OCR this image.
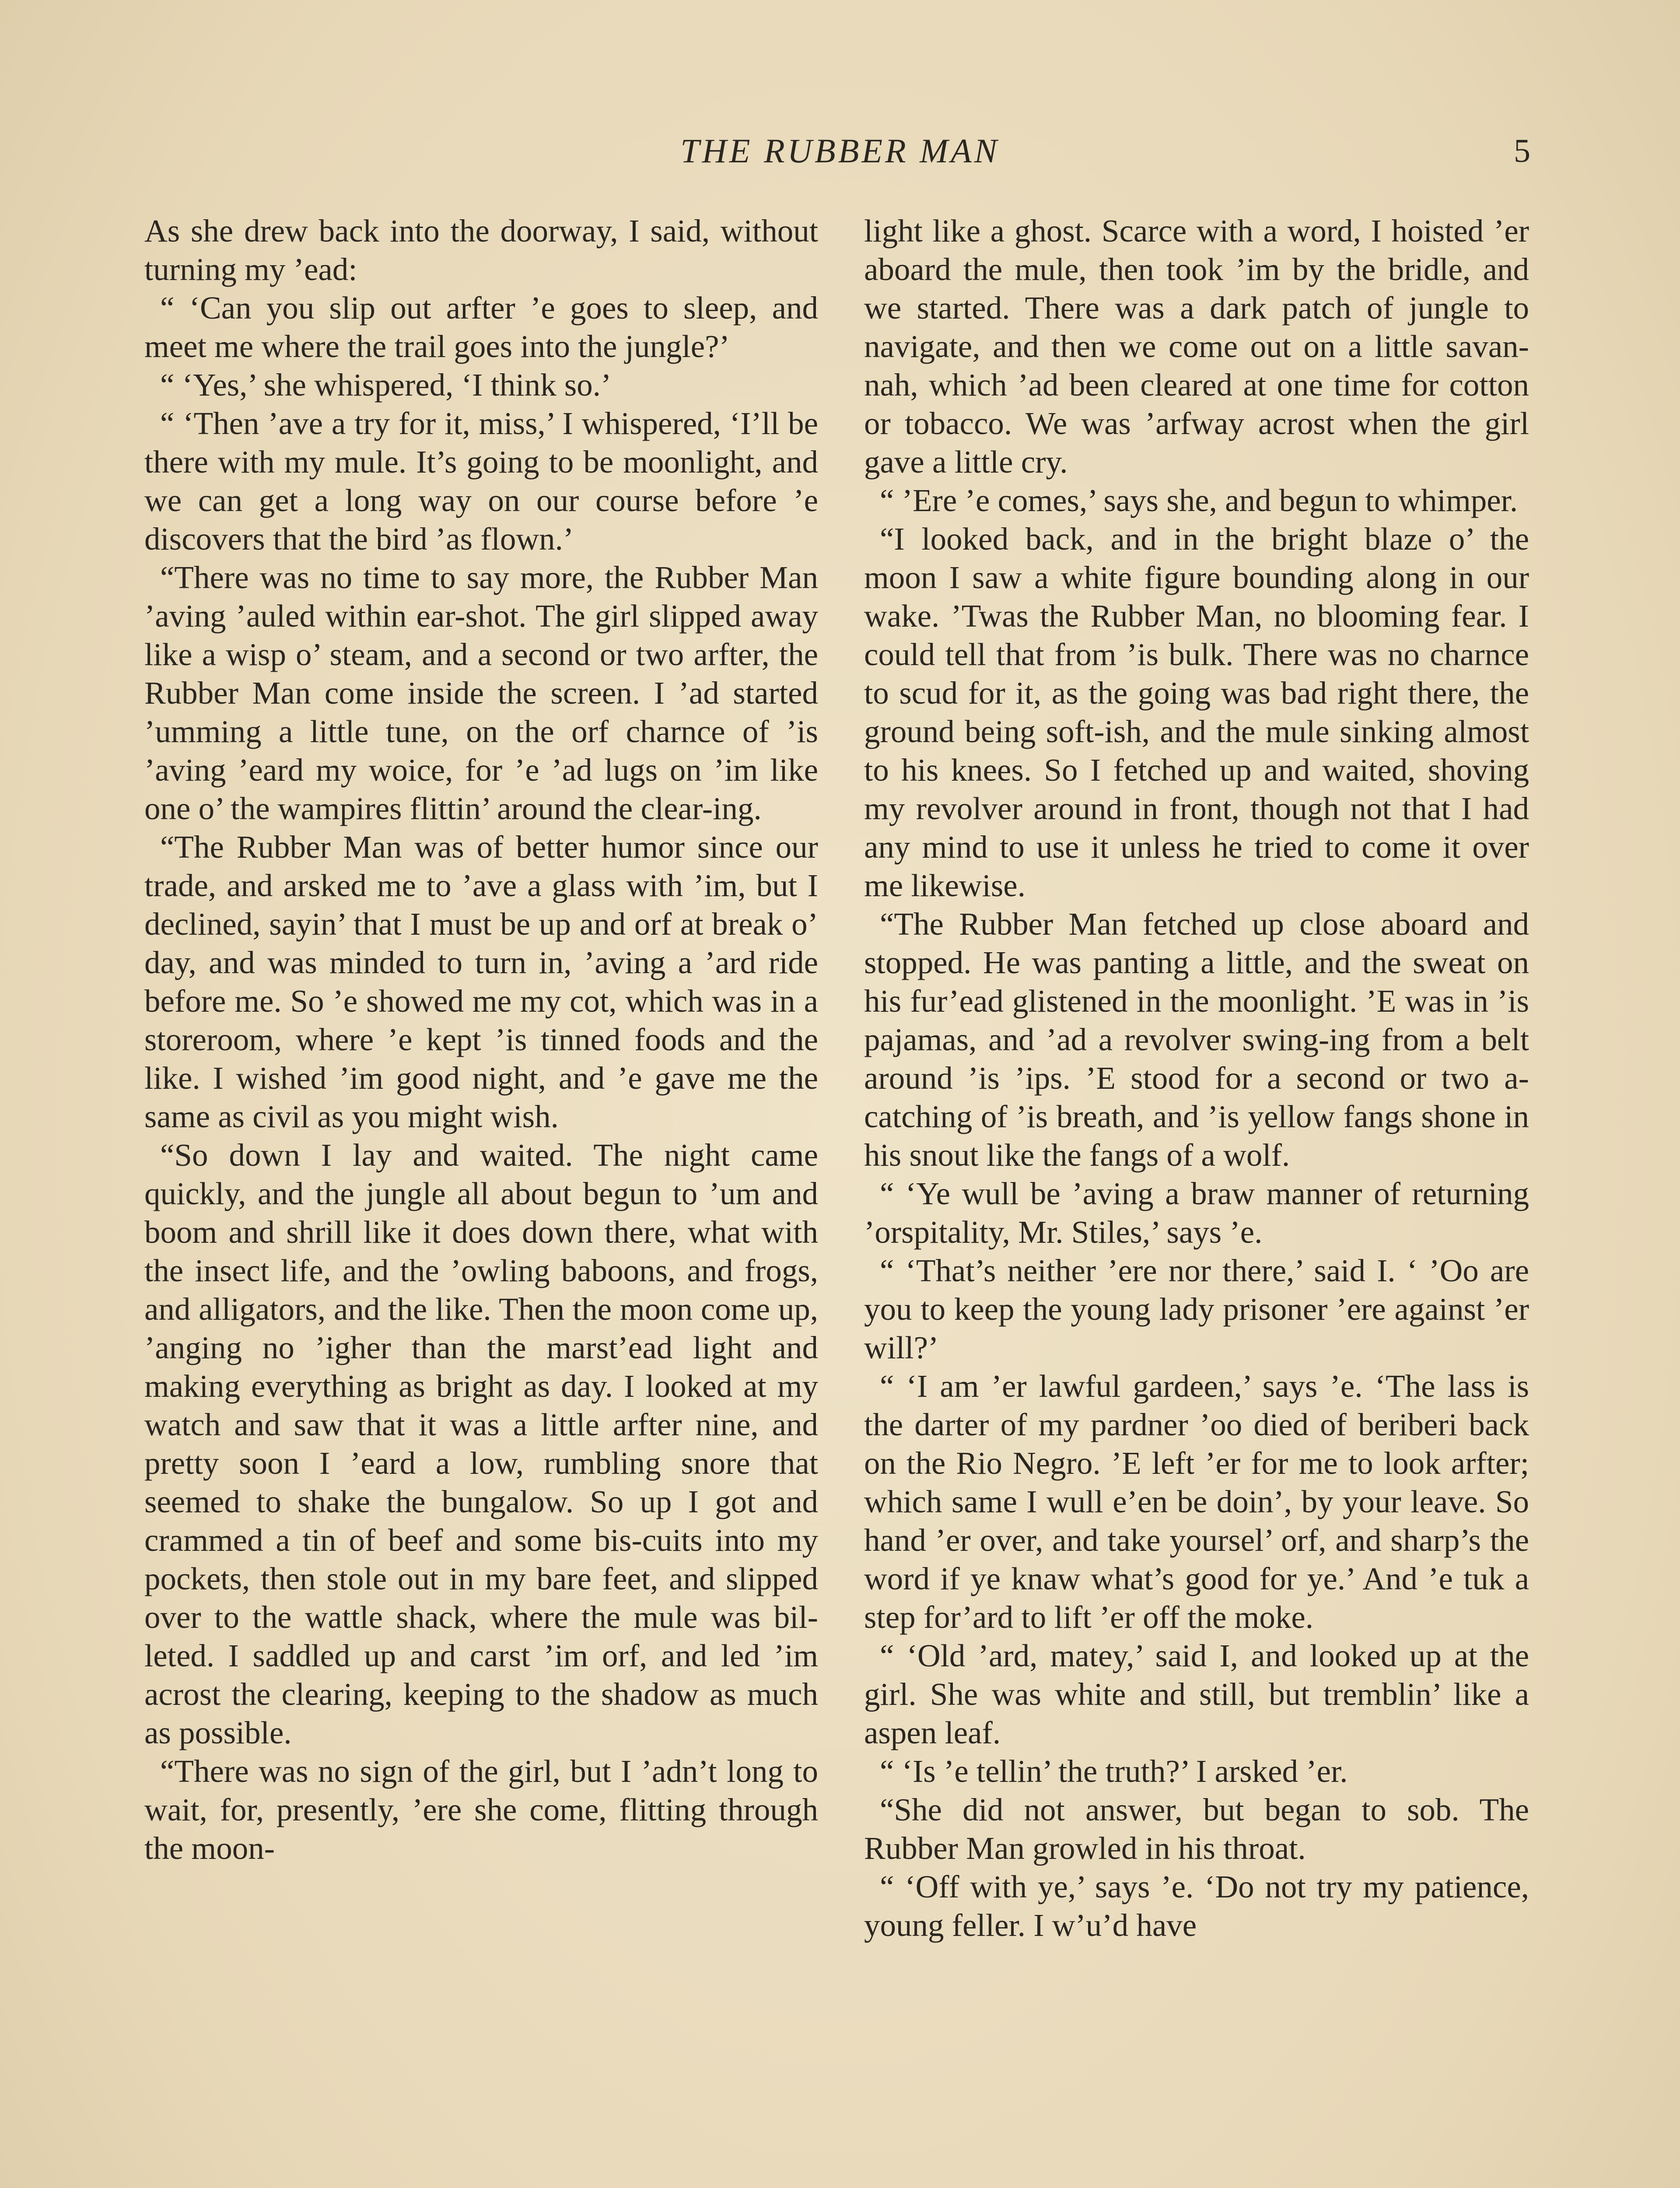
THE RUBBER MAN	5

As she drew back into the doorway, I said, without turning my ’ead:

“ ‘Can you slip out arfter ’e goes to sleep, and meet me where the trail goes into the jungle?’

“ ‘Yes,’ she whispered, ‘I think so.’

“ ‘Then ’ave a try for it, miss,’ I whispered, ‘I’ll be there with my mule. It’s going to be moonlight, and we can get a long way on our course before ’e discovers that the bird ’as flown.’

“There was no time to say more, the Rubber Man ’aving ’auled within ear-shot. The girl slipped away like a wisp o’ steam, and a second or two arfter, the Rubber Man come inside the screen. I ’ad started ’umming a little tune, on the orf charnce of ’is ’aving ’eard my woice, for ’e ’ad lugs on ’im like one o’ the wampires flittin’ around the clear-ing.

“The Rubber Man was of better humor since our trade, and arsked me to ’ave a glass with ’im, but I declined, sayin’ that I must be up and orf at break o’ day, and was minded to turn in, ’aving a ’ard ride before me. So ’e showed me my cot, which was in a storeroom, where ’e kept ’is tinned foods and the like. I wished ’im good night, and ’e gave me the same as civil as you might wish.

“So down I lay and waited. The night came quickly, and the jungle all about begun to ’um and boom and shrill like it does down there, what with the insect life, and the ’owling baboons, and frogs, and alligators, and the like. Then the moon come up, ’anging no ’igher than the marst’ead light and making everything as bright as day. I looked at my watch and saw that it was a little arfter nine, and pretty soon I ’eard a low, rumbling snore that seemed to shake the bungalow. So up I got and crammed a tin of beef and some bis-cuits into my pockets, then stole out in my bare feet, and slipped over to the wattle shack, where the mule was bil-leted. I saddled up and carst ’im orf, and led ’im acrost the clearing, keeping to the shadow as much as possible.

“There was no sign of the girl, but I ’adn’t long to wait, for, presently, ’ere she come, flitting through the moon-

light like a ghost. Scarce with a word, I hoisted ’er aboard the mule, then took ’im by the bridle, and we started. There was a dark patch of jungle to navigate, and then we come out on a little savan-nah, which ’ad been cleared at one time for cotton or tobacco. We was ’arfway acrost when the girl gave a little cry.

“ ’Ere ’e comes,’ says she, and begun to whimper.

“I looked back, and in the bright blaze o’ the moon I saw a white figure bounding along in our wake. ’Twas the Rubber Man, no blooming fear. I could tell that from ’is bulk. There was no charnce to scud for it, as the going was bad right there, the ground being soft-ish, and the mule sinking almost to his knees. So I fetched up and waited, shoving my revolver around in front, though not that I had any mind to use it unless he tried to come it over me likewise.

“The Rubber Man fetched up close aboard and stopped. He was panting a little, and the sweat on his fur’ead glistened in the moonlight. ’E was in ’is pajamas, and ’ad a revolver swing-ing from a belt around ’is ’ips. ’E stood for a second or two a-catching of ’is breath, and ’is yellow fangs shone in his snout like the fangs of a wolf.

“ ‘Ye wull be ’aving a braw manner of returning ’orspitality, Mr. Stiles,’ says ’e.

“ ‘That’s neither ’ere nor there,’ said I. ‘ ’Oo are you to keep the young lady prisoner ’ere against ’er will?’

“ ‘I am ’er lawful gardeen,’ says ’e. ‘The lass is the darter of my pardner ’oo died of beriberi back on the Rio Negro. ’E left ’er for me to look arfter; which same I wull e’en be doin’, by your leave. So hand ’er over, and take yoursel’ orf, and sharp’s the word if ye knaw what’s good for ye.’ And ’e tuk a step for’ard to lift ’er off the moke.

“ ‘Old ’ard, matey,’ said I, and looked up at the girl. She was white and still, but tremblin’ like a aspen leaf.

“ ‘Is ’e tellin’ the truth?’ I arsked ’er.

“She did not answer, but began to sob. The Rubber Man growled in his throat.

“ ‘Off with ye,’ says ’e. ‘Do not try my patience, young feller. I w’u’d have
